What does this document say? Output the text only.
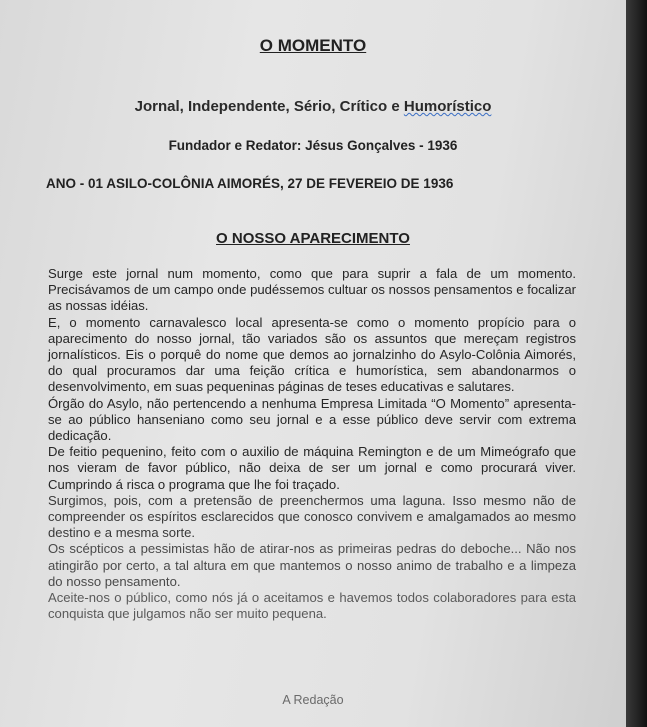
O MOMENTO
Jornal, Independente, Sério, Crítico e Humorístico
Fundador e Redator: Jésus Gonçalves - 1936
ANO - 01 ASILO-COLÔNIA AIMORÉS, 27 DE FEVEREIO DE 1936
O NOSSO APARECIMENTO

Surge este jornal num momento, como que para suprir a fala de um momento. Precisávamos de um campo onde pudéssemos cultuar os nossos pensamentos e focalizar as nossas idéias.

E, o momento carnavalesco local apresenta-se como o momento propício para o aparecimento do nosso jornal, tão variados são os assuntos que mereçam registros jornalísticos. Eis o porquê do nome que demos ao jornalzinho do Asylo-Colônia Aimorés, do qual procuramos dar uma feição crítica e humorística, sem abandonarmos o desenvolvimento, em suas pequeninas páginas de teses educativas e salutares.

Órgão do Asylo, não pertencendo a nenhuma Empresa Limitada “O Momento” apresenta-se ao público hanseniano como seu jornal e a esse público deve servir com extrema dedicação.

De feitio pequenino, feito com o auxilio de máquina Remington e de um Mimeógrafo que nos vieram de favor público, não deixa de ser um jornal e como procurará viver. Cumprindo á risca o programa que lhe foi traçado.

Surgimos, pois, com a pretensão de preenchermos uma laguna. Isso mesmo não de compreender os espíritos esclarecidos que conosco convivem e amalgamados ao mesmo destino e a mesma sorte.

Os scépticos a pessimistas hão de atirar-nos as primeiras pedras do deboche... Não nos atingirão por certo, a tal altura em que mantemos o nosso animo de trabalho e a limpeza do nosso pensamento.

Aceite-nos o público, como nós já o aceitamos e havemos todos colaboradores para esta conquista que julgamos não ser muito pequena.

A Redação
